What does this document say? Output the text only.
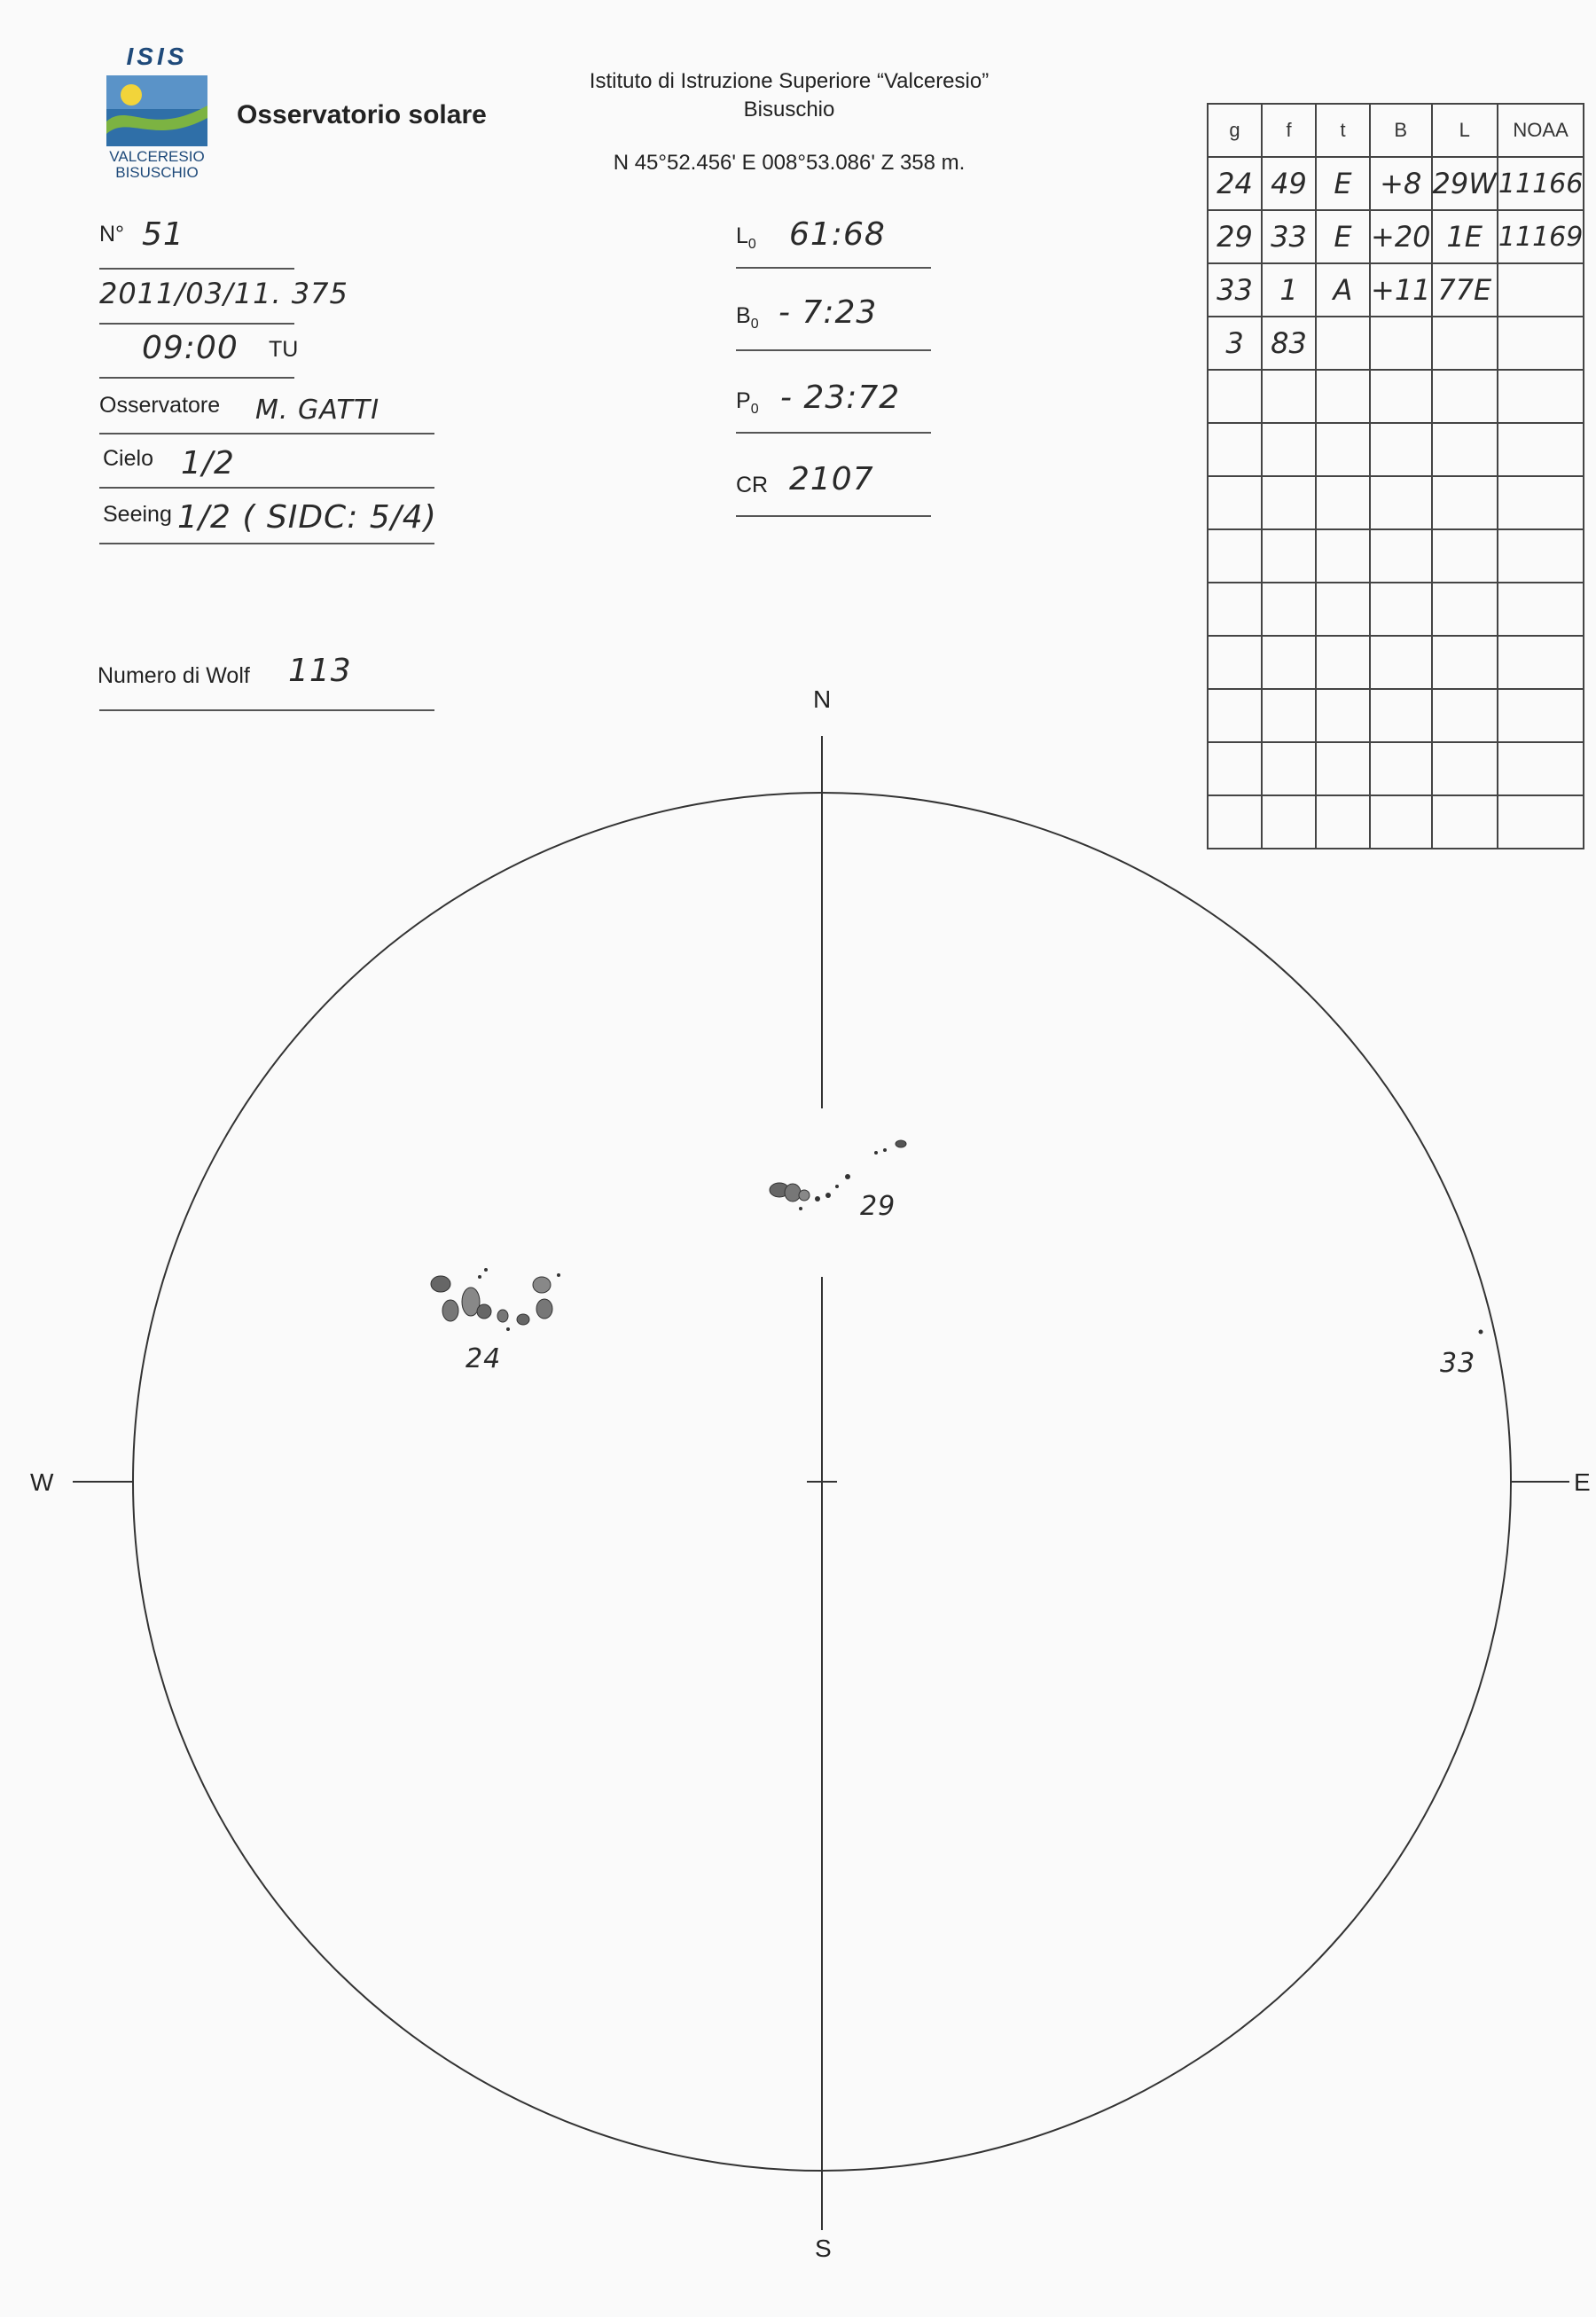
ISIS
VALCERESIO
BISUSCHIO
Osservatorio solare
Istituto di Istruzione Superiore “Valceresio”
Bisuschio
N 45°52.456' E 008°53.086' Z 358 m.
N° 51
2011/03/11. 375
09:00 TU
Osservatore M. GATTI
Cielo 1/2
Seeing 1/2 ( SIDC: 5/4)
Numero di Wolf 113
$L_0$ 61:68
$B_0$ - 7:23
$P_0$ - 23:72
CR 2107
g	f	t	B	L	NOAA
24	49	E	+8	29W	11166
29	33	E	+20	1E	11169
33	1	A	+11	77E	
3	83				

N
S
W	E
24
29
33
